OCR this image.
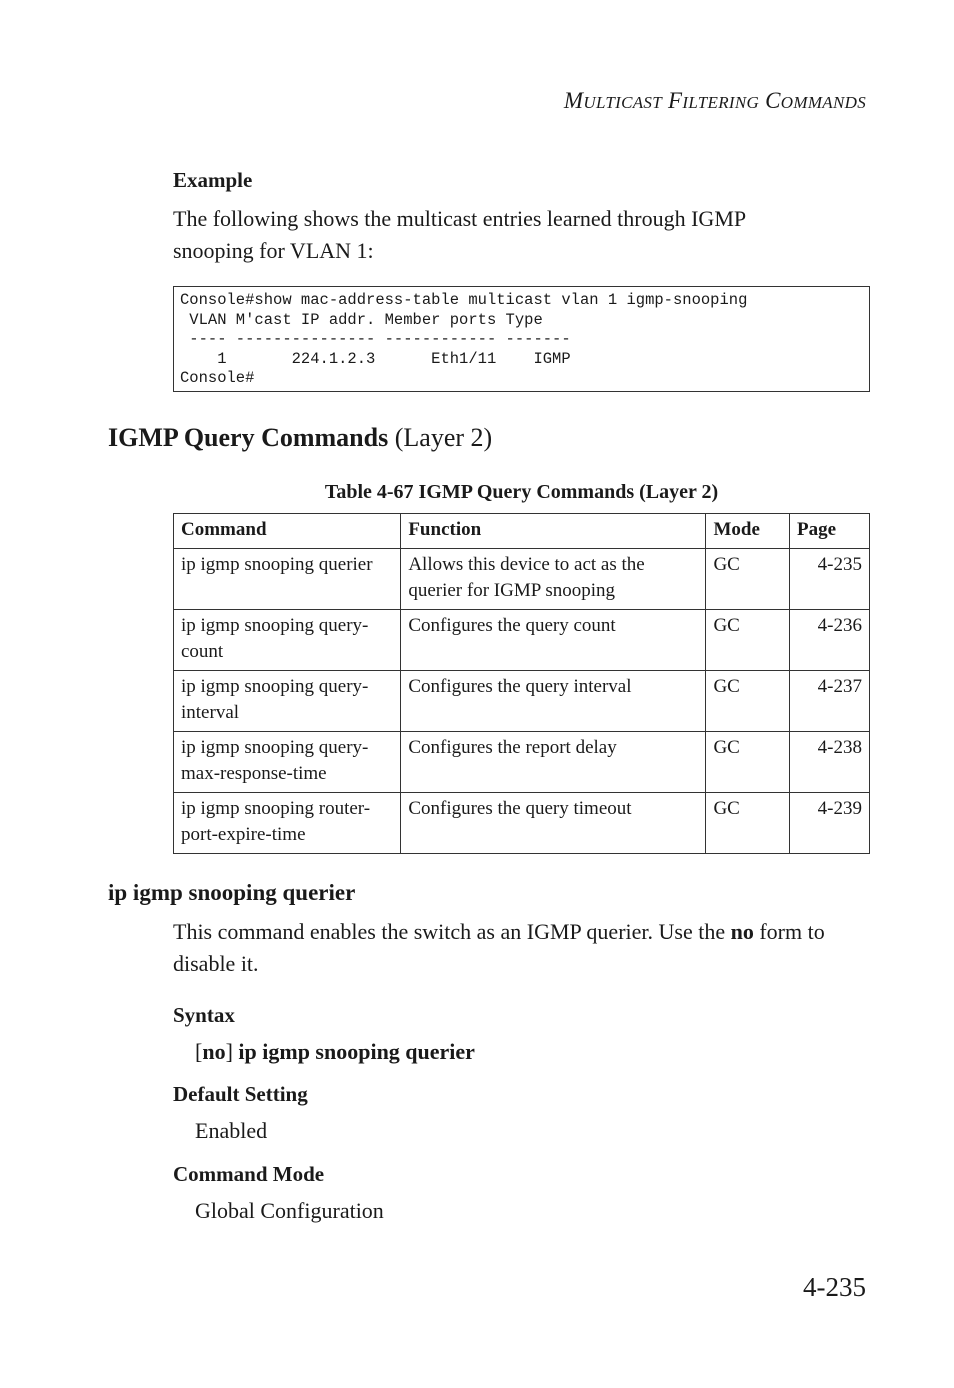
MULTICAST FILTERING COMMANDS
Example
The following shows the multicast entries learned through IGMP snooping for VLAN 1:
Console#show mac-address-table multicast vlan 1 igmp-snooping
VLAN M'cast IP addr. Member ports Type
---- --------------- ------------ -------
1       224.1.2.3      Eth1/11    IGMP
Console#
IGMP Query Commands (Layer 2)
Table 4-67 IGMP Query Commands (Layer 2)
Command	Function	Mode	Page
ip igmp snooping querier	Allows this device to act as the querier for IGMP snooping	GC	4-235
ip igmp snooping query-count	Configures the query count	GC	4-236
ip igmp snooping query-interval	Configures the query interval	GC	4-237
ip igmp snooping query-max-response-time	Configures the report delay	GC	4-238
ip igmp snooping router-port-expire-time	Configures the query timeout	GC	4-239
ip igmp snooping querier
This command enables the switch as an IGMP querier. Use the no form to disable it.
Syntax
[no] ip igmp snooping querier
Default Setting
Enabled
Command Mode
Global Configuration
4-235
